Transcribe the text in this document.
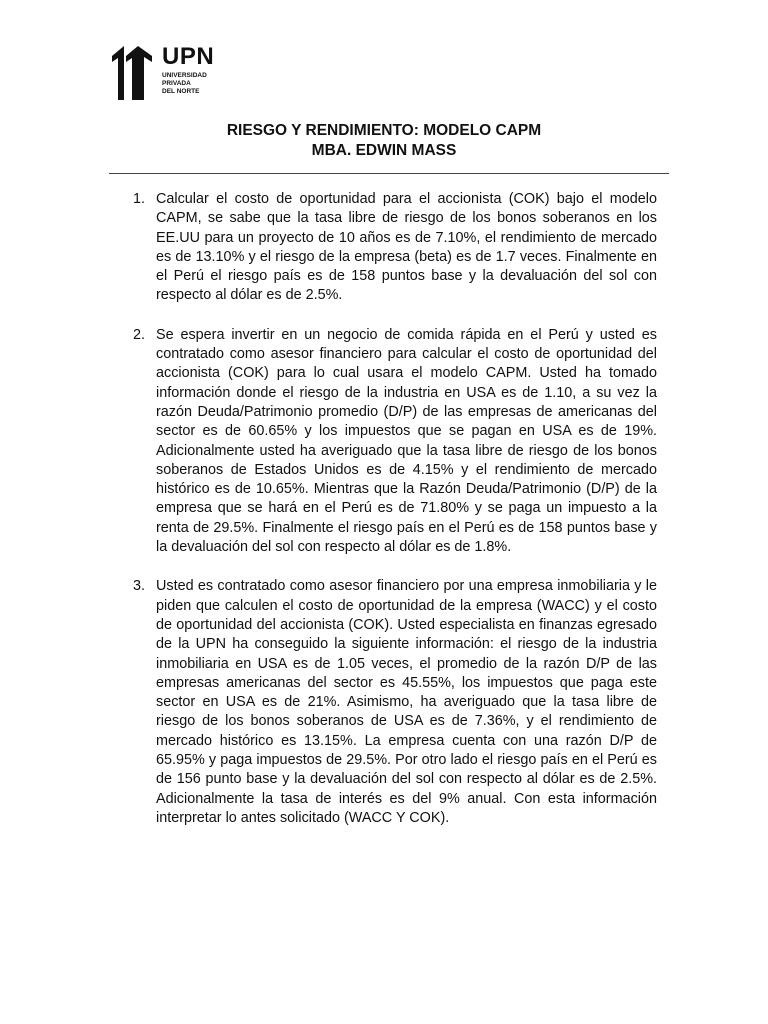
UPN
UNIVERSIDAD
PRIVADA
DEL NORTE
RIESGO Y RENDIMIENTO: MODELO CAPM
MBA. EDWIN MASS
1. Calcular el costo de oportunidad para el accionista (COK) bajo el modelo CAPM, se sabe que la tasa libre de riesgo de los bonos soberanos en los EE.UU para un proyecto de 10 años es de 7.10%, el rendimiento de mercado es de 13.10% y el riesgo de la empresa (beta) es de 1.7 veces. Finalmente en el Perú el riesgo país es de 158 puntos base y la devaluación del sol con respecto al dólar es de 2.5%.
2. Se espera invertir en un negocio de comida rápida en el Perú y usted es contratado como asesor financiero para calcular el costo de oportunidad del accionista (COK) para lo cual usara el modelo CAPM. Usted ha tomado información donde el riesgo de la industria en USA es de 1.10, a su vez la razón Deuda/Patrimonio promedio (D/P) de las empresas de americanas del sector es de 60.65% y los impuestos que se pagan en USA es de 19%. Adicionalmente usted ha averiguado que la tasa libre de riesgo de los bonos soberanos de Estados Unidos es de 4.15% y el rendimiento de mercado histórico es de 10.65%. Mientras que la Razón Deuda/Patrimonio (D/P) de la empresa que se hará en el Perú es de 71.80% y se paga un impuesto a la renta de 29.5%. Finalmente el riesgo país en el Perú es de 158 puntos base y la devaluación del sol con respecto al dólar es de 1.8%.
3. Usted es contratado como asesor financiero por una empresa inmobiliaria y le piden que calculen el costo de oportunidad de la empresa (WACC) y el costo de oportunidad del accionista (COK). Usted especialista en finanzas egresado de la UPN ha conseguido la siguiente información: el riesgo de la industria inmobiliaria en USA es de 1.05 veces, el promedio de la razón D/P de las empresas americanas del sector es 45.55%, los impuestos que paga este sector en USA es de 21%. Asimismo, ha averiguado que la tasa libre de riesgo de los bonos soberanos de USA es de 7.36%, y el rendimiento de mercado histórico es 13.15%. La empresa cuenta con una razón D/P de 65.95% y paga impuestos de 29.5%. Por otro lado el riesgo país en el Perú es de 156 punto base y la devaluación del sol con respecto al dólar es de 2.5%. Adicionalmente la tasa de interés es del 9% anual. Con esta información interpretar lo antes solicitado (WACC Y COK).
